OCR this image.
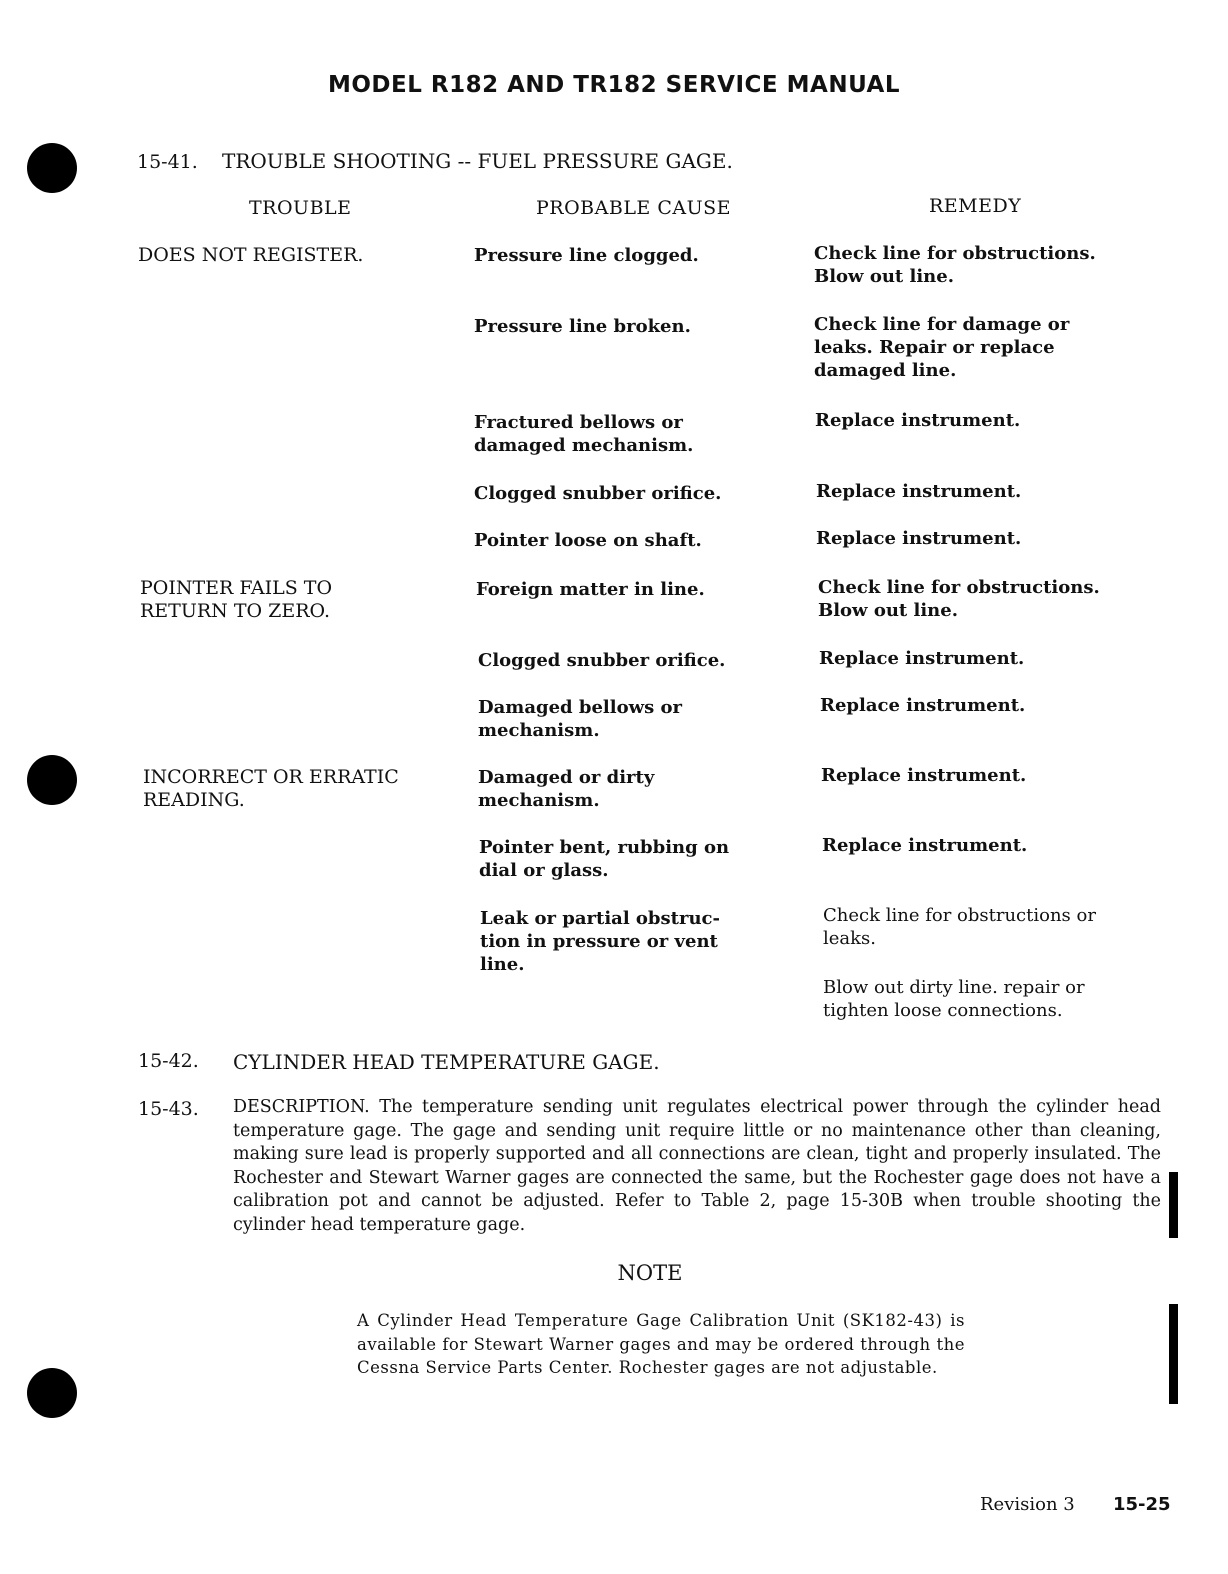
MODEL R182 AND TR182 SERVICE MANUAL
15-41. TROUBLE SHOOTING -- FUEL PRESSURE GAGE.
TROUBLE	PROBABLE CAUSE	REMEDY
DOES NOT REGISTER.
POINTER FAILS TO RETURN TO ZERO.
INCORRECT OR ERRATIC READING.
Pressure line clogged.
Pressure line broken.
Fractured bellows or damaged mechanism.
Clogged snubber orifice.
Pointer loose on shaft.
Foreign matter in line.
Clogged snubber orifice.
Damaged bellows or mechanism.
Damaged or dirty mechanism.
Pointer bent, rubbing on dial or glass.
Leak or partial obstruc-tion in pressure or vent line.
Check line for obstructions. Blow out line.
Check line for damage or leaks. Repair or replace damaged line.
Replace instrument.
Replace instrument.
Replace instrument.
Check line for obstructions. Blow out line.
Replace instrument.
Replace instrument.
Replace instrument.
Replace instrument.
Check line for obstructions or leaks.
Blow out dirty line. repair or tighten loose connections.
15-42. CYLINDER HEAD TEMPERATURE GAGE.
15-43. DESCRIPTION. The temperature sending unit regulates electrical power through the cylinder head temperature gage. The gage and sending unit require little or no maintenance other than cleaning, making sure lead is properly supported and all connections are clean, tight and properly insulated. The Rochester and Stewart Warner gages are connected the same, but the Rochester gage does not have a calibration pot and cannot be adjusted. Refer to Table 2, page 15-30B when trouble shooting the cylinder head temperature gage.
NOTE
A Cylinder Head Temperature Gage Calibration Unit (SK182-43) is available for Stewart Warner gages and may be ordered through the Cessna Service Parts Center. Rochester gages are not adjustable.
Revision 3 15-25
